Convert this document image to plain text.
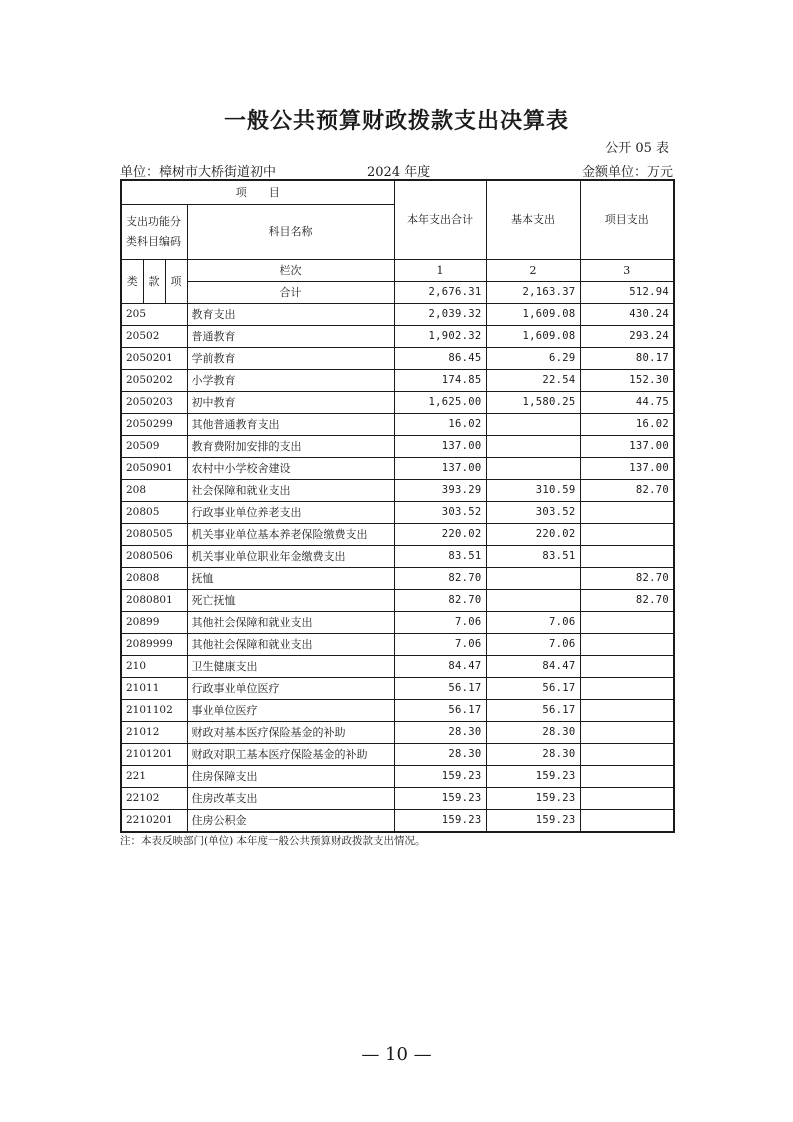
一般公共预算财政拨款支出决算表
公开 05 表
单位：樟树市大桥街道初中	2024 年度	金额单位：万元
项　　目				本年支出合计	基本支出	项目支出
支出功能分类科目编码			科目名称			

类	款	项	栏次	1	2	3
			合计	2,676.31	2,163.37	512.94
205			教育支出	2,039.32	1,609.08	430.24
20502			普通教育	1,902.32	1,609.08	293.24
2050201			学前教育	86.45	6.29	80.17
2050202			小学教育	174.85	22.54	152.30
2050203			初中教育	1,625.00	1,580.25	44.75
2050299			其他普通教育支出	16.02		16.02
20509			教育费附加安排的支出	137.00		137.00
2050901			农村中小学校舍建设	137.00		137.00
208			社会保障和就业支出	393.29	310.59	82.70
20805			行政事业单位养老支出	303.52	303.52	
2080505			机关事业单位基本养老保险缴费支出	220.02	220.02	
2080506			机关事业单位职业年金缴费支出	83.51	83.51	
20808			抚恤	82.70		82.70
2080801			死亡抚恤	82.70		82.70
20899			其他社会保障和就业支出	7.06	7.06	
2089999			其他社会保障和就业支出	7.06	7.06	
210			卫生健康支出	84.47	84.47	
21011			行政事业单位医疗	56.17	56.17	
2101102			事业单位医疗	56.17	56.17	
21012			财政对基本医疗保险基金的补助	28.30	28.30	
2101201			财政对职工基本医疗保险基金的补助	28.30	28.30	
221			住房保障支出	159.23	159.23	
22102			住房改革支出	159.23	159.23	
2210201			住房公积金	159.23	159.23	
注：本表反映部门(单位) 本年度一般公共预算财政拨款支出情况。
— 10 —
